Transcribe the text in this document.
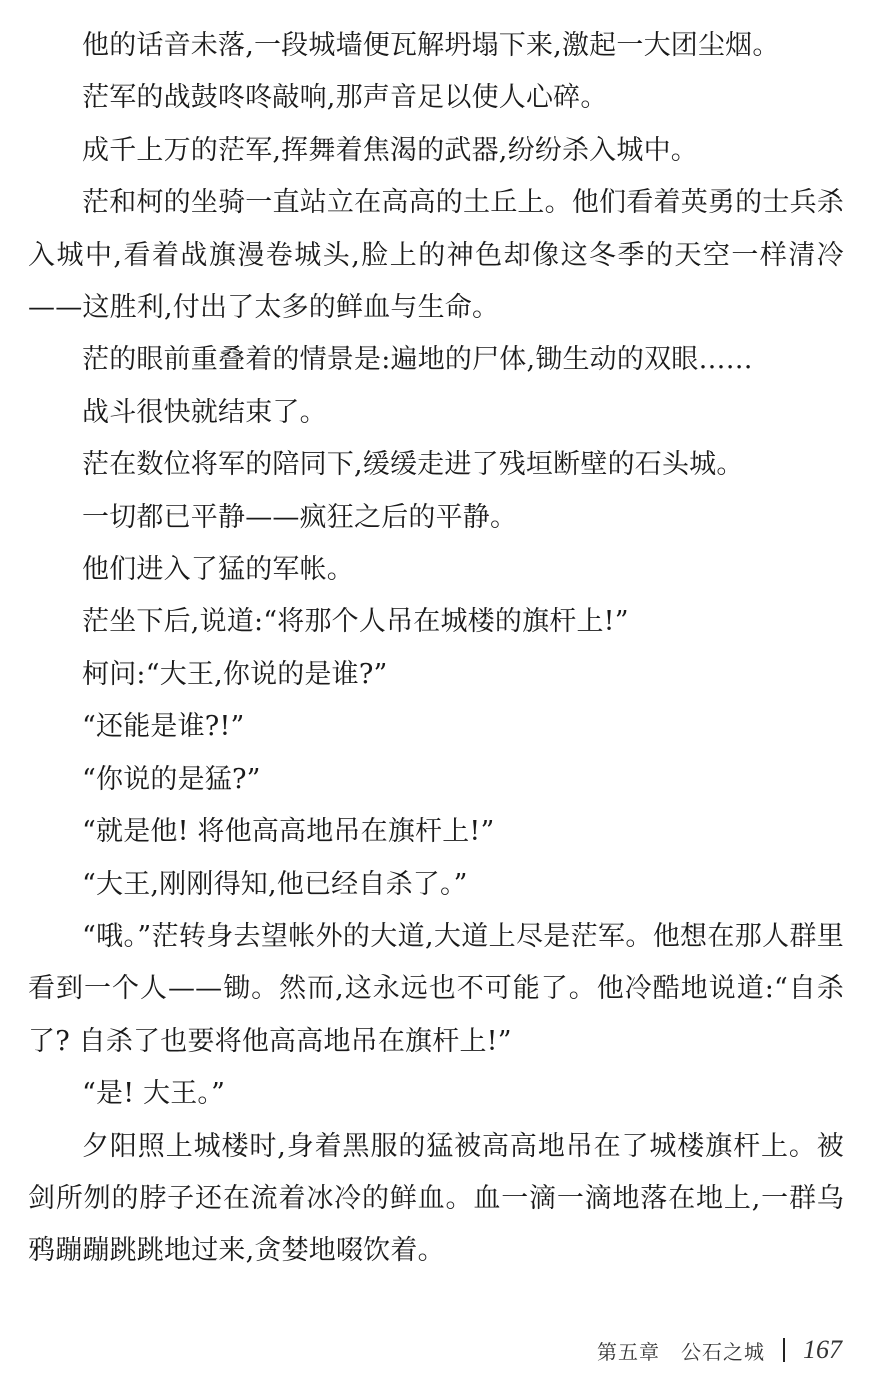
他的话音未落,一段城墙便瓦解坍塌下来,激起一大团尘烟。

茫军的战鼓咚咚敲响,那声音足以使人心碎。

成千上万的茫军,挥舞着焦渴的武器,纷纷杀入城中。

茫和柯的坐骑一直站立在高高的土丘上。他们看着英勇的士兵杀入城中,看着战旗漫卷城头,脸上的神色却像这冬季的天空一样清冷——这胜利,付出了太多的鲜血与生命。

茫的眼前重叠着的情景是:遍地的尸体,锄生动的双眼……

战斗很快就结束了。

茫在数位将军的陪同下,缓缓走进了残垣断壁的石头城。

一切都已平静——疯狂之后的平静。

他们进入了猛的军帐。

茫坐下后,说道:“将那个人吊在城楼的旗杆上!”

柯问:“大王,你说的是谁?”

“还能是谁?!”

“你说的是猛?”

“就是他! 将他高高地吊在旗杆上!”

“大王,刚刚得知,他已经自杀了。”

“哦。”茫转身去望帐外的大道,大道上尽是茫军。他想在那人群里看到一个人——锄。然而,这永远也不可能了。他冷酷地说道:“自杀了? 自杀了也要将他高高地吊在旗杆上!”

“是! 大王。”

夕阳照上城楼时,身着黑服的猛被高高地吊在了城楼旗杆上。被剑所刎的脖子还在流着冰冷的鲜血。血一滴一滴地落在地上,一群乌鸦蹦蹦跳跳地过来,贪婪地啜饮着。

第五章　公石之城 167
